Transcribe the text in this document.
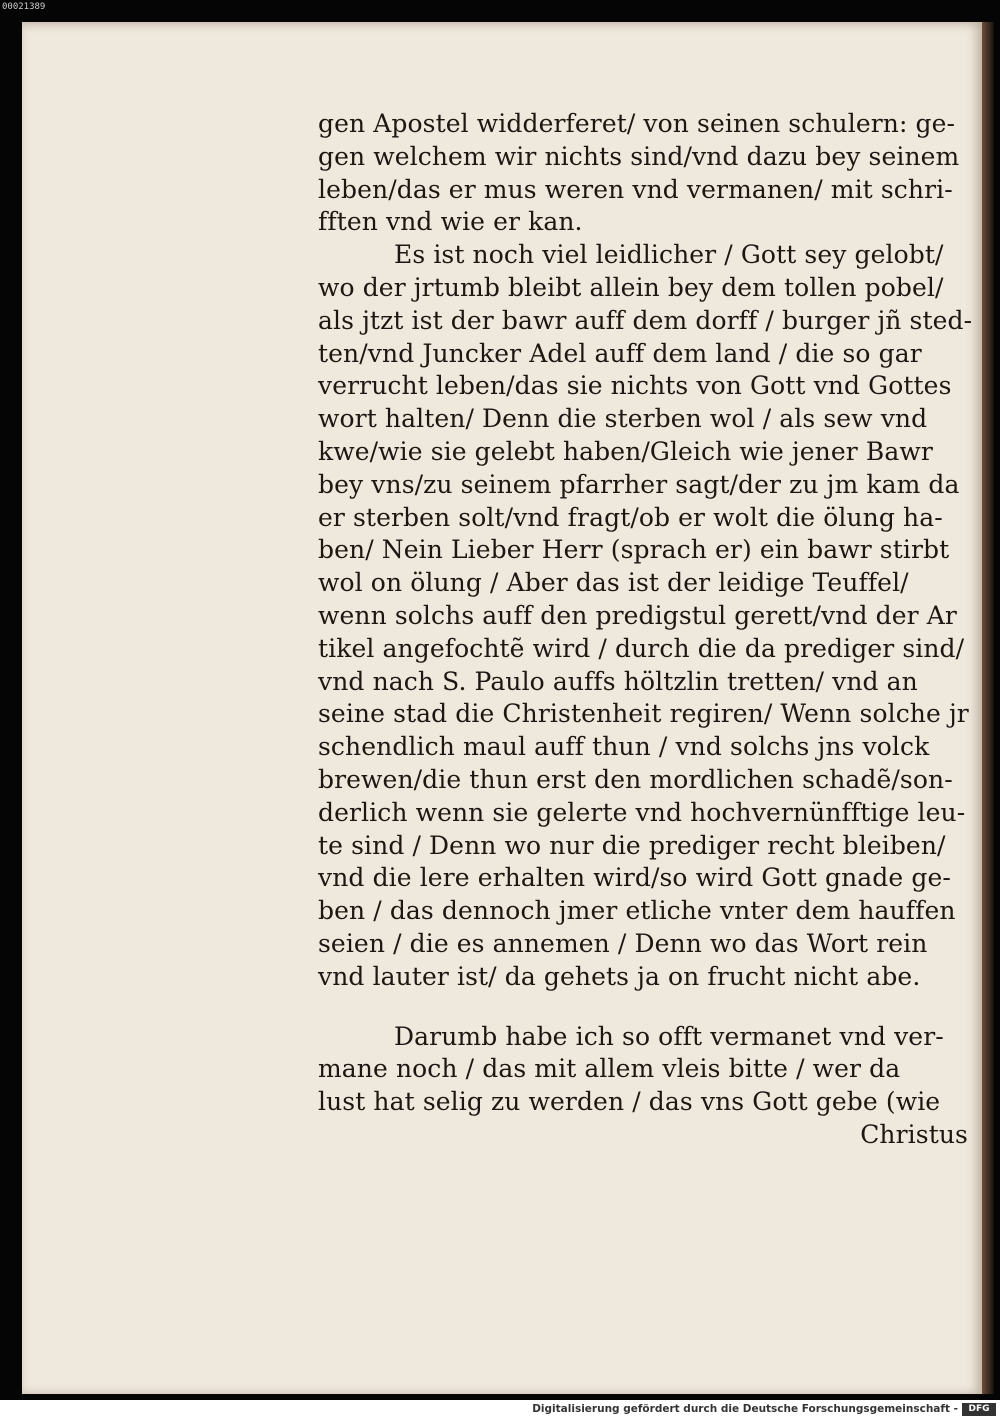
00021389
gen Apostel widderferet/ von seinen schulern: ge-
gen welchem wir nichts sind/vnd dazu bey seinem
leben/das er mus weren vnd vermanen/ mit schri-
fften vnd wie er kan.
Es ist noch viel leidlicher / Gott sey gelobt/
wo der jrtumb bleibt allein bey dem tollen pobel/
als jtzt ist der bawr auff dem dorff / burger jñ sted-
ten/vnd Juncker Adel auff dem land / die so gar
verrucht leben/das sie nichts von Gott vnd Gottes
wort halten/ Denn die sterben wol / als sew vnd
kwe/wie sie gelebt haben/Gleich wie jener Bawr
bey vns/zu seinem pfarrher sagt/der zu jm kam da
er sterben solt/vnd fragt/ob er wolt die ölung ha-
ben/ Nein Lieber Herr (sprach er) ein bawr stirbt
wol on ölung / Aber das ist der leidige Teuffel/
wenn solchs auff den predigstul gerett/vnd der Ar
tikel angefochtẽ wird / durch die da prediger sind/
vnd nach S. Paulo auffs höltzlin tretten/ vnd an
seine stad die Christenheit regiren/ Wenn solche jr
schendlich maul auff thun / vnd solchs jns volck
brewen/die thun erst den mordlichen schadẽ/son-
derlich wenn sie gelerte vnd hochvernünfftige leu-
te sind / Denn wo nur die prediger recht bleiben/
vnd die lere erhalten wird/so wird Gott gnade ge-
ben / das dennoch jmer etliche vnter dem hauffen
seien / die es annemen / Denn wo das Wort rein
vnd lauter ist/ da gehets ja on frucht nicht abe.
Darumb habe ich so offt vermanet vnd ver-
mane noch / das mit allem vleis bitte / wer da
lust hat selig zu werden / das vns Gott gebe (wie
Christus
Digitalisierung gefördert durch die Deutsche Forschungsgemeinschaft -	DFG
